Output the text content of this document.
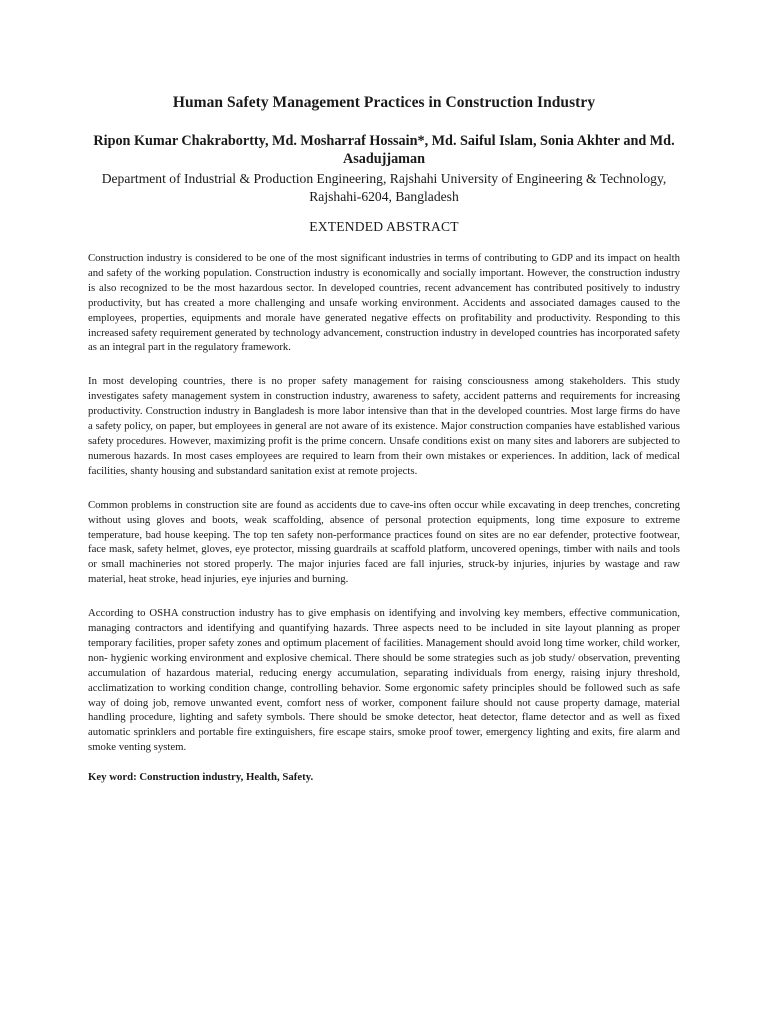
Human Safety Management Practices in Construction Industry
Ripon Kumar Chakrabortty, Md. Mosharraf Hossain*, Md. Saiful Islam, Sonia Akhter and Md. Asadujjaman
Department of Industrial & Production Engineering, Rajshahi University of Engineering & Technology, Rajshahi-6204, Bangladesh
EXTENDED ABSTRACT

Construction industry is considered to be one of the most significant industries in terms of contributing to GDP and its impact on health and safety of the working population. Construction industry is economically and socially important. However, the construction industry is also recognized to be the most hazardous sector. In developed countries, recent advancement has contributed positively to industry productivity, but has created a more challenging and unsafe working environment. Accidents and associated damages caused to the employees, properties, equipments and morale have generated negative effects on profitability and productivity. Responding to this increased safety requirement generated by technology advancement, construction industry in developed countries has incorporated safety as an integral part in the regulatory framework.

In most developing countries, there is no proper safety management for raising consciousness among stakeholders. This study investigates safety management system in construction industry, awareness to safety, accident patterns and requirements for increasing productivity. Construction industry in Bangladesh is more labor intensive than that in the developed countries. Most large firms do have a safety policy, on paper, but employees in general are not aware of its existence. Major construction companies have established various safety procedures. However, maximizing profit is the prime concern. Unsafe conditions exist on many sites and laborers are subjected to numerous hazards. In most cases employees are required to learn from their own mistakes or experiences. In addition, lack of medical facilities, shanty housing and substandard sanitation exist at remote projects.

Common problems in construction site are found as accidents due to cave-ins often occur while excavating in deep trenches, concreting without using gloves and boots, weak scaffolding, absence of personal protection equipments, long time exposure to extreme temperature, bad house keeping. The top ten safety non-performance practices found on sites are no ear defender, protective footwear, face mask, safety helmet, gloves, eye protector, missing guardrails at scaffold platform, uncovered openings, timber with nails and tools or small machineries not stored properly. The major injuries faced are fall injuries, struck-by injuries, injuries by wastage and raw material, heat stroke, head injuries, eye injuries and burning.

According to OSHA construction industry has to give emphasis on identifying and involving key members, effective communication, managing contractors and identifying and quantifying hazards. Three aspects need to be included in site layout planning as proper temporary facilities, proper safety zones and optimum placement of facilities. Management should avoid long time worker, child worker, non- hygienic working environment and explosive chemical. There should be some strategies such as job study/ observation, preventing accumulation of hazardous material, reducing energy accumulation, separating individuals from energy, raising injury threshold, acclimatization to working condition change, controlling behavior. Some ergonomic safety principles should be followed such as safe way of doing job, remove unwanted event, comfort ness of worker, component failure should not cause property damage, material handling procedure, lighting and safety symbols. There should be smoke detector, heat detector, flame detector and as well as fixed automatic sprinklers and portable fire extinguishers, fire escape stairs, smoke proof tower, emergency lighting and exits, fire alarm and smoke venting system.

Key word: Construction industry, Health, Safety.
